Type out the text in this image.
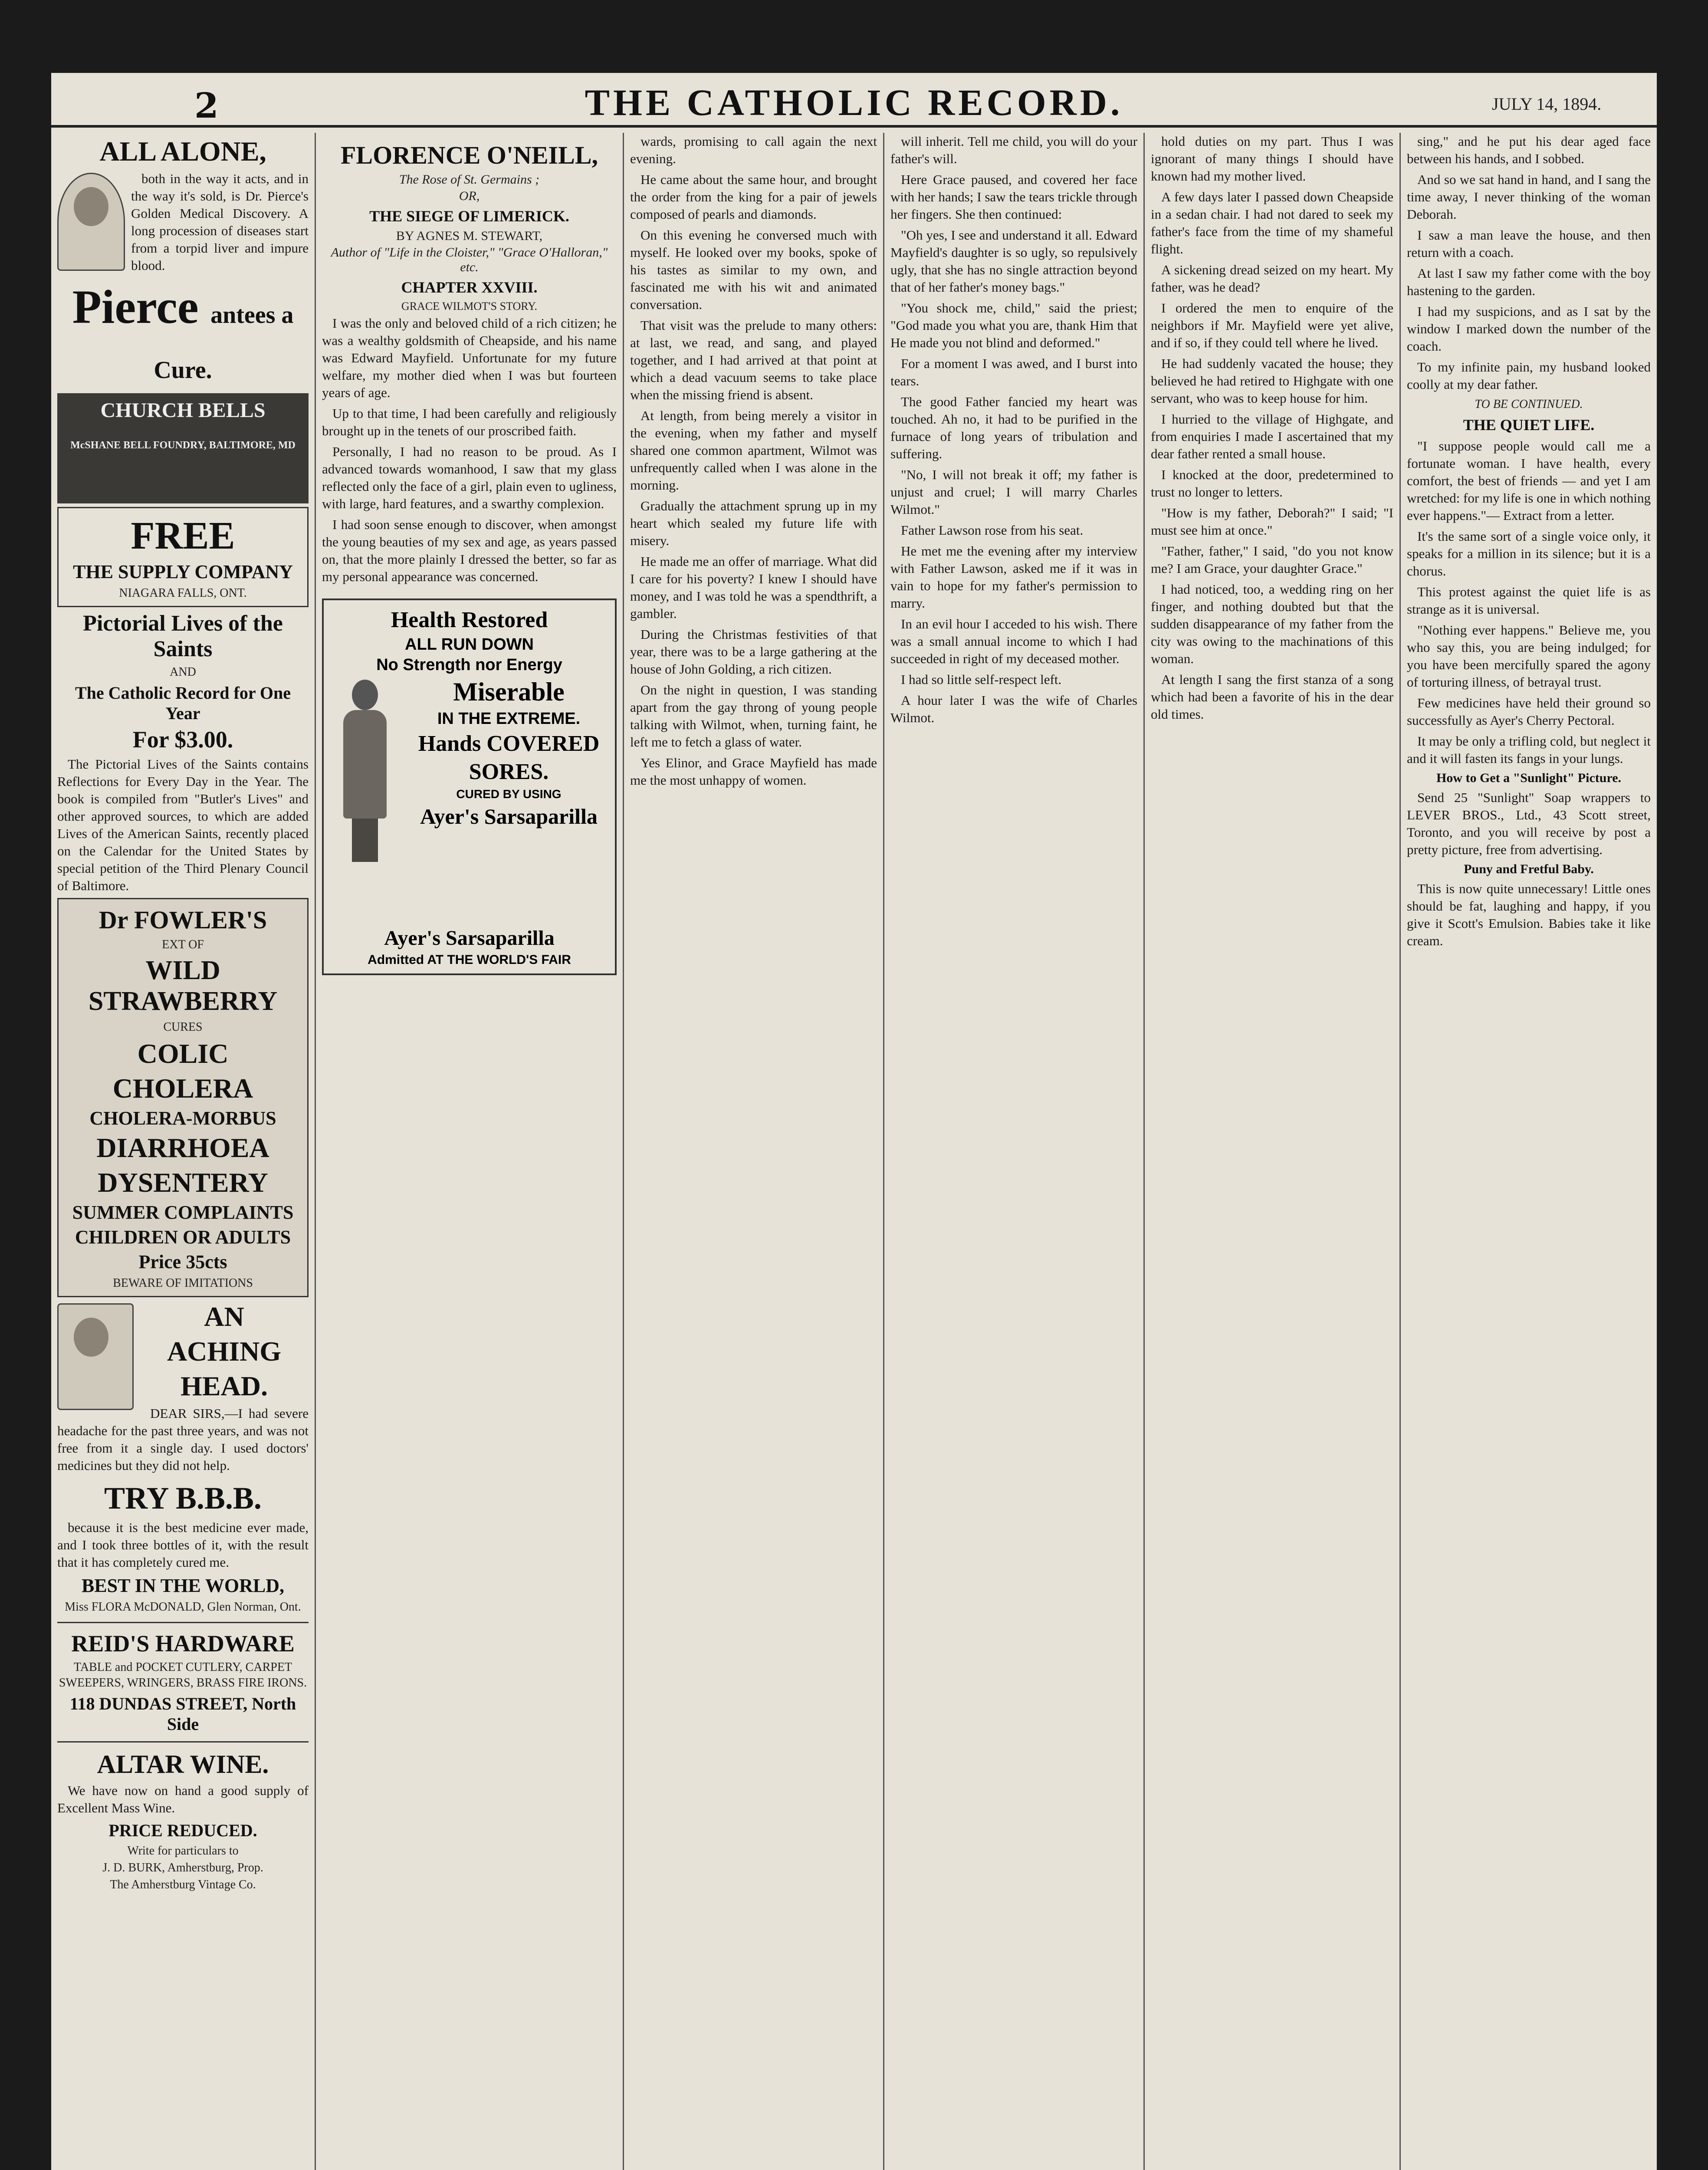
2	THE CATHOLIC RECORD.	JULY 14, 1894.
ALL ALONE,

both in the way it acts, and in the way it's sold, is Dr. Pierce's Golden Medical Discovery. A long procession of diseases start from a torpid liver and impure blood.

Pierce antees a Cure.
CHURCH BELLS
McSHANE BELL FOUNDRY, BALTIMORE, MD
FREE
THE SUPPLY COMPANY
NIAGARA FALLS, ONT.
Pictorial Lives of the Saints
AND
The Catholic Record for One Year
For $3.00.

The Pictorial Lives of the Saints contains Reflections for Every Day in the Year. The book is compiled from "Butler's Lives" and other approved sources, to which are added Lives of the American Saints, recently placed on the Calendar for the United States by special petition of the Third Plenary Council of Baltimore.

Dr FOWLER'S
EXT OF
WILD STRAWBERRY
CURES
COLIC
CHOLERA
CHOLERA-MORBUS
DIARRHOEA
DYSENTERY
SUMMER COMPLAINTS
CHILDREN OR ADULTS
Price 35cts
BEWARE OF IMITATIONS
AN
ACHING
HEAD.

DEAR SIRS,—I had severe headache for the past three years, and was not free from it a single day. I used doctors' medicines but they did not help.

TRY B.B.B.

because it is the best medicine ever made, and I took three bottles of it, with the result that it has completely cured me.

BEST IN THE WORLD,
Miss FLORA McDONALD, Glen Norman, Ont.
REID'S HARDWARE
TABLE and POCKET CUTLERY, CARPET SWEEPERS, WRINGERS, BRASS FIRE IRONS.
118 DUNDAS STREET, North Side
ALTAR WINE.

We have now on hand a good supply of Excellent Mass Wine.

PRICE REDUCED.
Write for particulars to
J. D. BURK, Amherstburg, Prop.
The Amherstburg Vintage Co.
FLORENCE O'NEILL,
The Rose of St. Germains ;
OR,
THE SIEGE OF LIMERICK.
BY AGNES M. STEWART,
Author of "Life in the Cloister," "Grace O'Halloran," etc.
CHAPTER XXVIII.
GRACE WILMOT'S STORY.

I was the only and beloved child of a rich citizen; he was a wealthy goldsmith of Cheapside, and his name was Edward Mayfield. Unfortunate for my future welfare, my mother died when I was but fourteen years of age.

Up to that time, I had been carefully and religiously brought up in the tenets of our proscribed faith.

Personally, I had no reason to be proud. As I advanced towards womanhood, I saw that my glass reflected only the face of a girl, plain even to ugliness, with large, hard features, and a swarthy complexion.

I had soon sense enough to discover, when amongst the young beauties of my sex and age, as years passed on, that the more plainly I dressed the better, so far as my personal appearance was concerned.

Health Restored
ALL RUN DOWN
No Strength nor Energy
Miserable
IN THE EXTREME.
Hands COVERED
SORES.
CURED BY USING
Ayer's Sarsaparilla
Ayer's Sarsaparilla
Admitted AT THE WORLD'S FAIR

wards, promising to call again the next evening.

He came about the same hour, and brought the order from the king for a pair of jewels composed of pearls and diamonds.

On this evening he conversed much with myself. He looked over my books, spoke of his tastes as similar to my own, and fascinated me with his wit and animated conversation.

That visit was the prelude to many others: at last, we read, and sang, and played together, and I had arrived at that point at which a dead vacuum seems to take place when the missing friend is absent.

At length, from being merely a visitor in the evening, when my father and myself shared one common apartment, Wilmot was unfrequently called when I was alone in the morning.

Gradually the attachment sprung up in my heart which sealed my future life with misery.

He made me an offer of marriage. What did I care for his poverty? I knew I should have money, and I was told he was a spendthrift, a gambler.

During the Christmas festivities of that year, there was to be a large gathering at the house of John Golding, a rich citizen.

On the night in question, I was standing apart from the gay throng of young people talking with Wilmot, when, turning faint, he left me to fetch a glass of water.

Yes Elinor, and Grace Mayfield has made me the most unhappy of women.

will inherit. Tell me child, you will do your father's will.

Here Grace paused, and covered her face with her hands; I saw the tears trickle through her fingers. She then continued:

"Oh yes, I see and understand it all. Edward Mayfield's daughter is so ugly, so repulsively ugly, that she has no single attraction beyond that of her father's money bags."

"You shock me, child," said the priest; "God made you what you are, thank Him that He made you not blind and deformed."

For a moment I was awed, and I burst into tears.

The good Father fancied my heart was touched. Ah no, it had to be purified in the furnace of long years of tribulation and suffering.

"No, I will not break it off; my father is unjust and cruel; I will marry Charles Wilmot."

Father Lawson rose from his seat.

He met me the evening after my interview with Father Lawson, asked me if it was in vain to hope for my father's permission to marry.

In an evil hour I acceded to his wish. There was a small annual income to which I had succeeded in right of my deceased mother.

I had so little self-respect left.

A hour later I was the wife of Charles Wilmot.

hold duties on my part. Thus I was ignorant of many things I should have known had my mother lived.

A few days later I passed down Cheapside in a sedan chair. I had not dared to seek my father's face from the time of my shameful flight.

A sickening dread seized on my heart. My father, was he dead?

I ordered the men to enquire of the neighbors if Mr. Mayfield were yet alive, and if so, if they could tell where he lived.

He had suddenly vacated the house; they believed he had retired to Highgate with one servant, who was to keep house for him.

I hurried to the village of Highgate, and from enquiries I made I ascertained that my dear father rented a small house.

I knocked at the door, predetermined to trust no longer to letters.

"How is my father, Deborah?" I said; "I must see him at once."

"Father, father," I said, "do you not know me? I am Grace, your daughter Grace."

I had noticed, too, a wedding ring on her finger, and nothing doubted but that the sudden disappearance of my father from the city was owing to the machinations of this woman.

At length I sang the first stanza of a song which had been a favorite of his in the dear old times.

sing," and he put his dear aged face between his hands, and I sobbed.

And so we sat hand in hand, and I sang the time away, I never thinking of the woman Deborah.

I saw a man leave the house, and then return with a coach.

At last I saw my father come with the boy hastening to the garden.

I had my suspicions, and as I sat by the window I marked down the number of the coach.

To my infinite pain, my husband looked coolly at my dear father.

TO BE CONTINUED.
THE QUIET LIFE.

"I suppose people would call me a fortunate woman. I have health, every comfort, the best of friends — and yet I am wretched: for my life is one in which nothing ever happens."— Extract from a letter.

It's the same sort of a single voice only, it speaks for a million in its silence; but it is a chorus.

This protest against the quiet life is as strange as it is universal.

"Nothing ever happens." Believe me, you who say this, you are being indulged; for you have been mercifully spared the agony of torturing illness, of betrayal trust.

Few medicines have held their ground so successfully as Ayer's Cherry Pectoral.

It may be only a trifling cold, but neglect it and it will fasten its fangs in your lungs.

How to Get a "Sunlight" Picture.

Send 25 "Sunlight" Soap wrappers to LEVER BROS., Ltd., 43 Scott street, Toronto, and you will receive by post a pretty picture, free from advertising.

Puny and Fretful Baby.

This is now quite unnecessary! Little ones should be fat, laughing and happy, if you give it Scott's Emulsion. Babies take it like cream.
